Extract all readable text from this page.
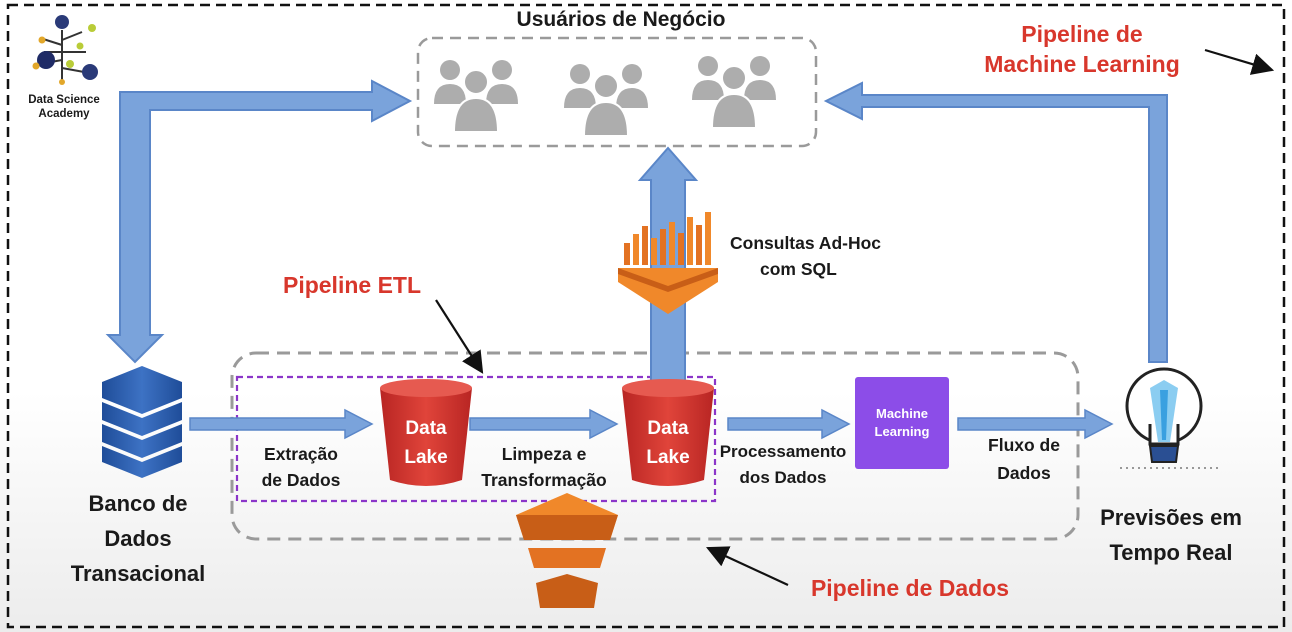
Data Science
Academy
Usuários de Negócio
Pipeline de
Machine Learning
Consultas Ad-Hoc
com SQL
Pipeline ETL
Banco de
Dados
Transacional
Extração
de Dados
Data
Lake	Limpeza e
Transformação
Data
Lake	Processamento
dos Dados
Machine
Learning
Fluxo de
Dados
Previsões em
Tempo Real
Pipeline de Dados
